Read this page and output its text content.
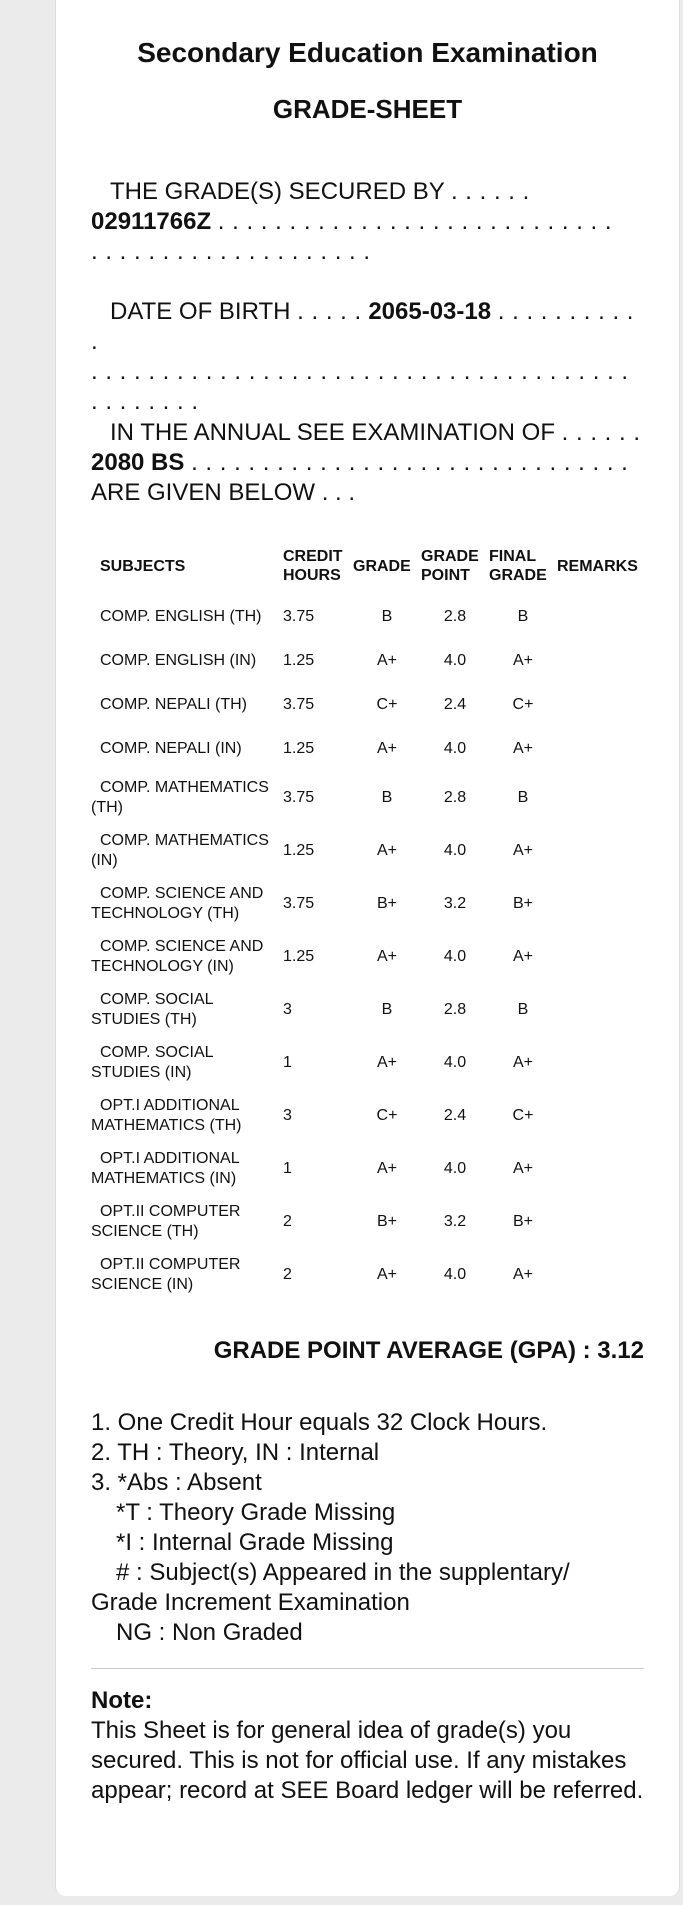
Secondary Education Examination
GRADE-SHEET
THE GRADE(S) SECURED BY . . . . . .
02911766Z . . . . . . . . . . . . . . . . . . . . . . . . . . . .
. . . . . . . . . . . . . . . . . . . .
DATE OF BIRTH . . . . . 2065-03-18 . . . . . . . . . . .
. . . . . . . . . . . . . . . . . . . . . . . . . . . . . . . . . . . . . .
. . . . . . . .
IN THE ANNUAL SEE EXAMINATION OF . . . . . .
2080 BS . . . . . . . . . . . . . . . . . . . . . . . . . . . . . . .
ARE GIVEN BELOW . . .
SUBJECTS	CREDIT HOURS	GRADE	GRADE POINT	FINAL GRADE	REMARKS
COMP. ENGLISH (TH)	3.75	B	2.8	B	
COMP. ENGLISH (IN)	1.25	A+	4.0	A+	
COMP. NEPALI (TH)	3.75	C+	2.4	C+	
COMP. NEPALI (IN)	1.25	A+	4.0	A+	
COMP. MATHEMATICS (TH)	3.75	B	2.8	B	
COMP. MATHEMATICS (IN)	1.25	A+	4.0	A+	
COMP. SCIENCE AND TECHNOLOGY (TH)	3.75	B+	3.2	B+	
COMP. SCIENCE AND TECHNOLOGY (IN)	1.25	A+	4.0	A+	
COMP. SOCIAL STUDIES (TH)	3	B	2.8	B	
COMP. SOCIAL STUDIES (IN)	1	A+	4.0	A+	
OPT.I ADDITIONAL MATHEMATICS (TH)	3	C+	2.4	C+	
OPT.I ADDITIONAL MATHEMATICS (IN)	1	A+	4.0	A+	
OPT.II COMPUTER SCIENCE (TH)	2	B+	3.2	B+	
OPT.II COMPUTER SCIENCE (IN)	2	A+	4.0	A+	
GRADE POINT AVERAGE (GPA) : 3.12
1. One Credit Hour equals 32 Clock Hours.
2. TH : Theory, IN : Internal
3. *Abs : Absent
*T : Theory Grade Missing
*I : Internal Grade Missing
# : Subject(s) Appeared in the supplentary/
Grade Increment Examination
NG : Non Graded
Note:
This Sheet is for general idea of grade(s) you secured. This is not for official use. If any mistakes appear; record at SEE Board ledger will be referred.
